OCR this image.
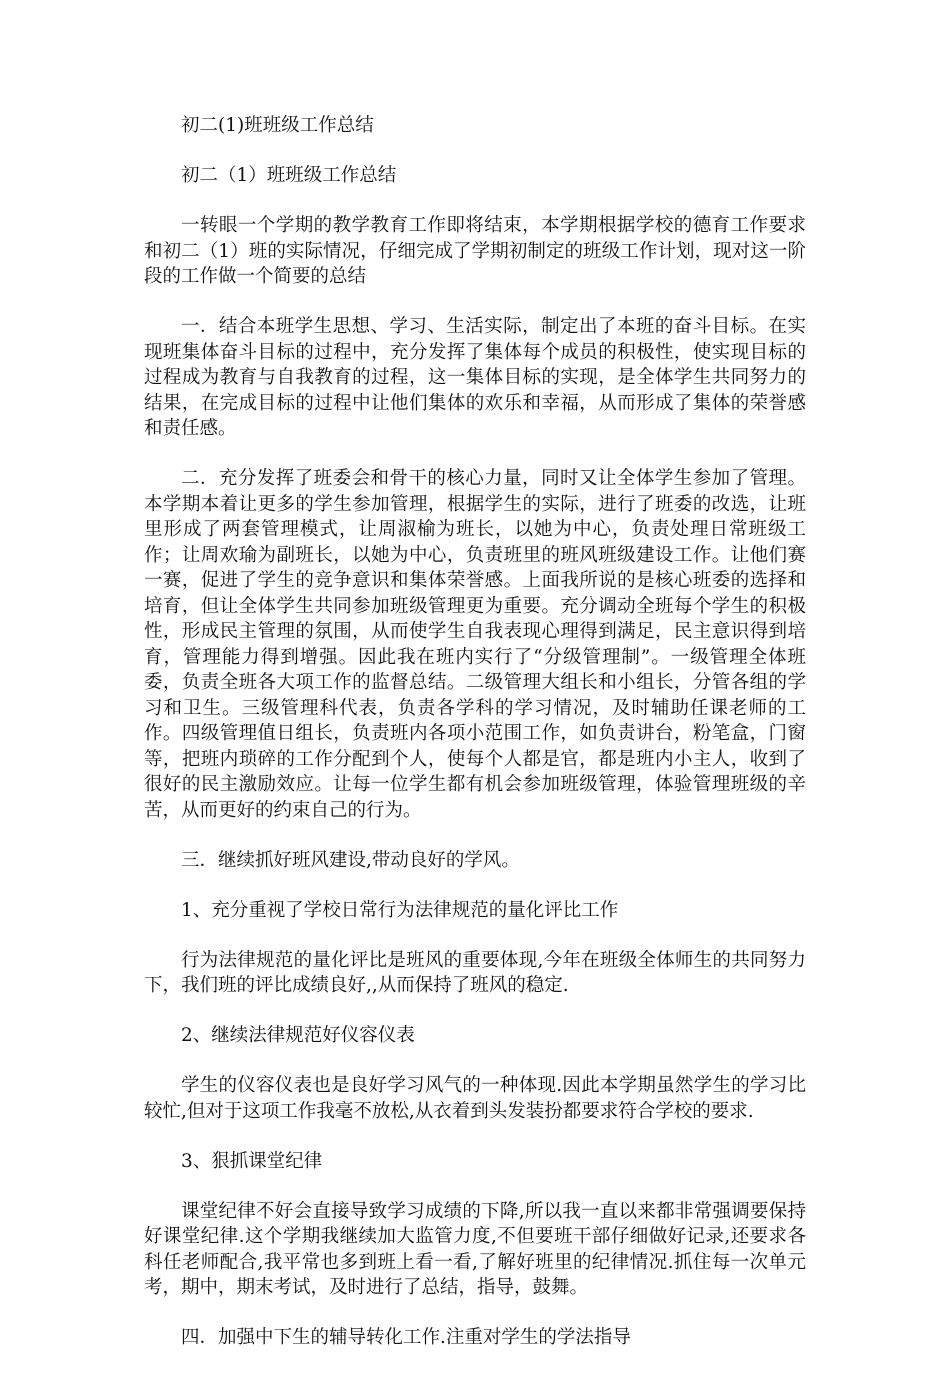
初二(1)班班级工作总结

初二（1）班班级工作总结

一转眼一个学期的教学教育工作即将结束，本学期根据学校的德育工作要求和初二（1）班的实际情况，仔细完成了学期初制定的班级工作计划，现对这一阶段的工作做一个简要的总结

一．结合本班学生思想、学习、生活实际，制定出了本班的奋斗目标。在实现班集体奋斗目标的过程中，充分发挥了集体每个成员的积极性，使实现目标的过程成为教育与自我教育的过程，这一集体目标的实现，是全体学生共同努力的结果，在完成目标的过程中让他们集体的欢乐和幸福，从而形成了集体的荣誉感和责任感。

二．充分发挥了班委会和骨干的核心力量，同时又让全体学生参加了管理。本学期本着让更多的学生参加管理，根据学生的实际，进行了班委的改选，让班里形成了两套管理模式，让周淑榆为班长，以她为中心，负责处理日常班级工作；让周欢瑜为副班长，以她为中心，负责班里的班风班级建设工作。让他们赛一赛，促进了学生的竞争意识和集体荣誉感。上面我所说的是核心班委的选择和培育，但让全体学生共同参加班级管理更为重要。充分调动全班每个学生的积极性，形成民主管理的氛围，从而使学生自我表现心理得到满足，民主意识得到培育，管理能力得到增强。因此我在班内实行了“分级管理制”。一级管理全体班委，负责全班各大项工作的监督总结。二级管理大组长和小组长，分管各组的学习和卫生。三级管理科代表，负责各学科的学习情况，及时辅助任课老师的工作。四级管理值日组长，负责班内各项小范围工作，如负责讲台，粉笔盒，门窗等，把班内琐碎的工作分配到个人，使每个人都是官，都是班内小主人，收到了很好的民主激励效应。让每一位学生都有机会参加班级管理，体验管理班级的辛苦，从而更好的约束自己的行为。

三．继续抓好班风建设,带动良好的学风。

1、充分重视了学校日常行为法律规范的量化评比工作

行为法律规范的量化评比是班风的重要体现,今年在班级全体师生的共同努力下，我们班的评比成绩良好,,从而保持了班风的稳定.

2、继续法律规范好仪容仪表

学生的仪容仪表也是良好学习风气的一种体现.因此本学期虽然学生的学习比较忙,但对于这项工作我毫不放松,从衣着到头发装扮都要求符合学校的要求.

3、狠抓课堂纪律

课堂纪律不好会直接导致学习成绩的下降,所以我一直以来都非常强调要保持好课堂纪律.这个学期我继续加大监管力度,不但要班干部仔细做好记录,还要求各科任老师配合,我平常也多到班上看一看,了解好班里的纪律情况.抓住每一次单元考，期中，期末考试，及时进行了总结，指导，鼓舞。

四．加强中下生的辅导转化工作.注重对学生的学法指导
